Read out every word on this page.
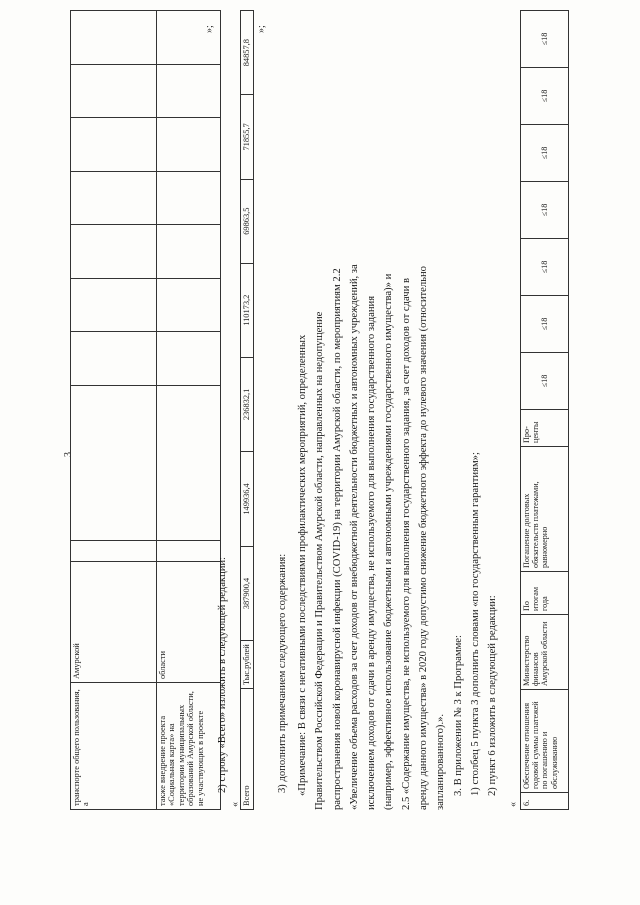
3
транспорте общего пользования, а	Амурской									
также внедрение проекта «Социальная карта» на территории муниципальных образований Амурской области, не участвующих в проекте	области									
»;
2) строку «Всего» изложить в следующей редакции:
« Всего	Тыс.рублей	387900,4	149936,4	236832,1	110173,2	69863,5	71855,7	84857,8
»;
3) дополнить примечанием следующего содержания: «Примечание: В связи с негативными последствиями профилактических мероприятий, определенных Правительством Российской Федерации и Правительством Амурской области, направленных на недопущение распространения новой коронавирусной инфекции (COVID-19) на территории Амурской области, по мероприятиям 2.2 «Увеличение объема расходов за счет доходов от внебюджетной деятельности бюджетных и автономных учреждений, за исключением доходов от сдачи в аренду имущества, не используемого для выполнения государственного задания (например, эффективное использование бюджетными и автономными учреждениями государственного имущества)» и 2.5 «Содержание имущества, не используемого для выполнения государственного задания, за счет доходов от сдачи в аренду данного имущества» в 2020 году допустимо снижение бюджетного эффекта до нулевого значения (относительно запланированного).». 3. В приложении № 3 к Программе: 1) столбец 5 пункта 3 дополнить словами «по государственным гарантиям»; 2) пункт 6 изложить в следующей редакции:
« 6.	Обеспечение отношения годовой суммы платежей по погашению и обслуживанию	Министерство финансов Амурской области	По итогам года	Погашение долговых обязательств платежами, равномерно	Про-центы	≤18	≤18	≤18	≤18	≤18	≤18	≤18
